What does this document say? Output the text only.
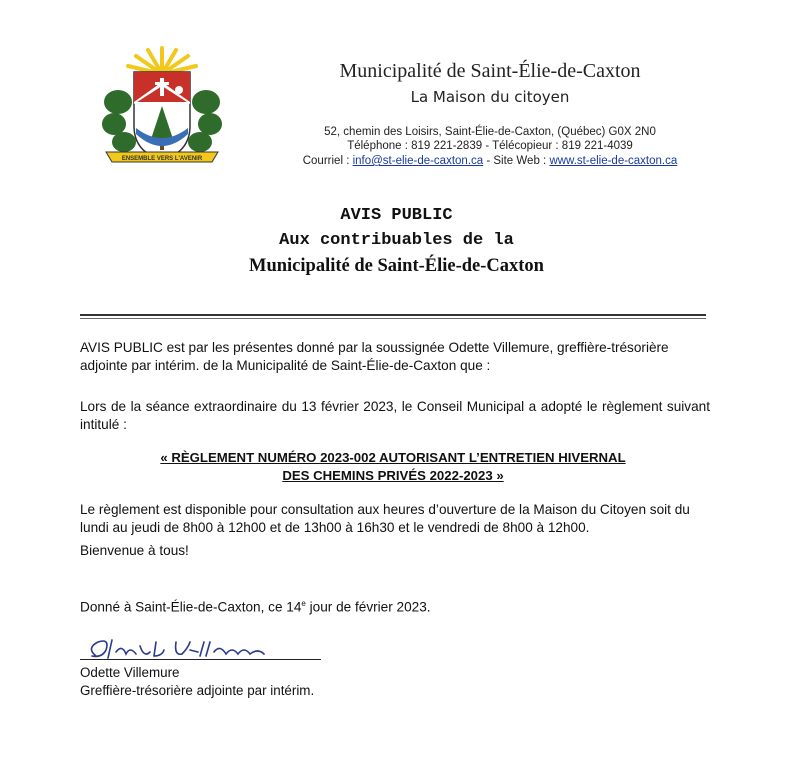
ENSEMBLE VERS L'AVENIR
Municipalité de Saint-Élie-de-Caxton
La Maison du citoyen
52, chemin des Loisirs, Saint-Élie-de-Caxton, (Québec) G0X 2N0
Téléphone : 819 221-2839 - Télécopieur : 819 221-4039
Courriel : info@st-elie-de-caxton.ca - Site Web : www.st-elie-de-caxton.ca
AVIS PUBLIC
Aux contribuables de la
Municipalité de Saint-Élie-de-Caxton
AVIS PUBLIC est par les présentes donné par la soussignée Odette Villemure, greffière-trésorière adjointe par intérim. de la Municipalité de Saint-Élie-de-Caxton que :
Lors de la séance extraordinaire du 13 février 2023, le Conseil Municipal a adopté le règlement suivant intitulé :
« RÈGLEMENT NUMÉRO 2023-002 AUTORISANT L’ENTRETIEN HIVERNAL
DES CHEMINS PRIVÉS 2022-2023 »
Le règlement est disponible pour consultation aux heures d’ouverture de la Maison du Citoyen soit du lundi au jeudi de 8h00 à 12h00 et de 13h00 à 16h30 et le vendredi de 8h00 à 12h00.
Bienvenue à tous!
Donné à Saint-Élie-de-Caxton, ce 14e jour de février 2023.
Odette Villemure
Greffière-trésorière adjointe par intérim.
